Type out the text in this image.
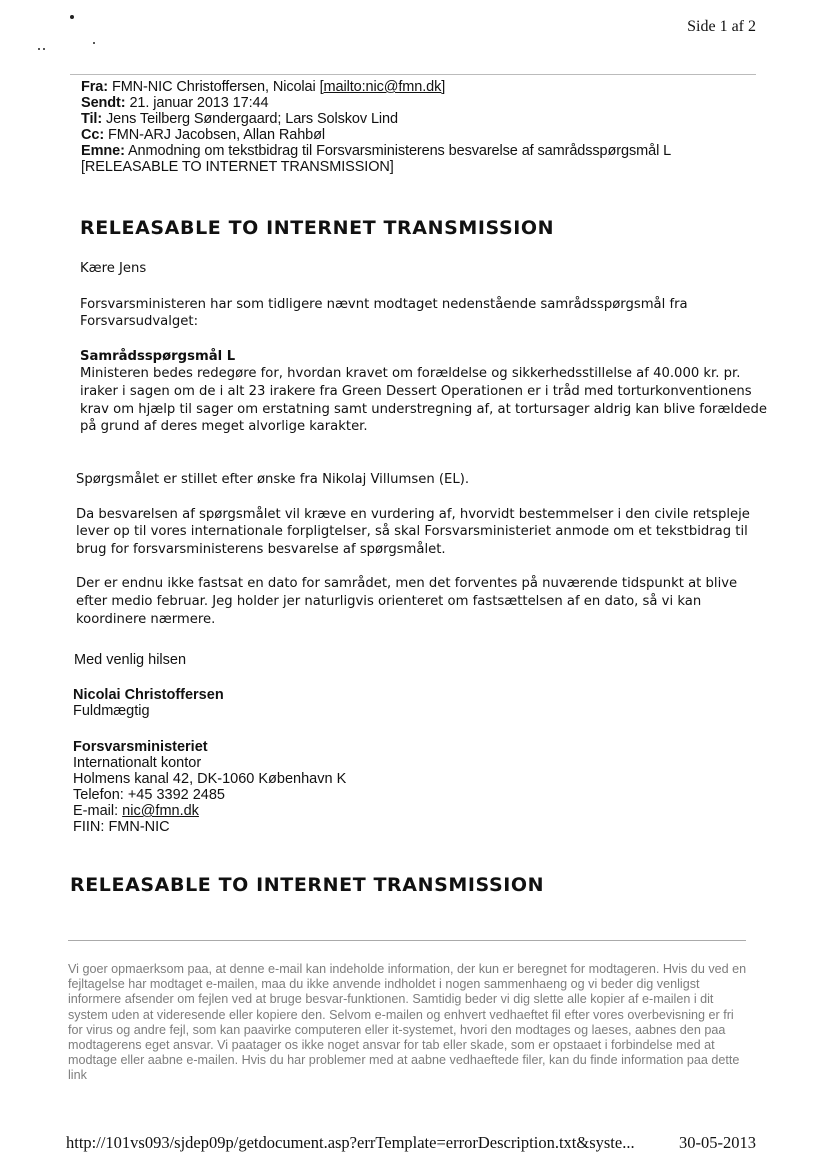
Side 1 af 2
Fra: FMN-NIC Christoffersen, Nicolai [mailto:nic@fmn.dk]
Sendt: 21. januar 2013 17:44
Til: Jens Teilberg Søndergaard; Lars Solskov Lind
Cc: FMN-ARJ Jacobsen, Allan Rahbøl
Emne: Anmodning om tekstbidrag til Forsvarsministerens besvarelse af samrådsspørgsmål L [RELEASABLE TO INTERNET TRANSMISSION]
RELEASABLE TO INTERNET TRANSMISSION

Kære Jens

Forsvarsministeren har som tidligere nævnt modtaget nedenstående samrådsspørgsmål fra Forsvarsudvalget:

Samrådsspørgsmål L

Ministeren bedes redegøre for, hvordan kravet om forældelse og sikkerhedsstillelse af 40.000 kr. pr. iraker i sagen om de i alt 23 irakere fra Green Dessert Operationen er i tråd med torturkonventionens krav om hjælp til sager om erstatning samt understregning af, at tortursager aldrig kan blive forældede på grund af deres meget alvorlige karakter.

Spørgsmålet er stillet efter ønske fra Nikolaj Villumsen (EL).

Da besvarelsen af spørgsmålet vil kræve en vurdering af, hvorvidt bestemmelser i den civile retspleje lever op til vores internationale forpligtelser, så skal Forsvarsministeriet anmode om et tekstbidrag til brug for forsvarsministerens besvarelse af spørgsmålet.

Der er endnu ikke fastsat en dato for samrådet, men det forventes på nuværende tidspunkt at blive efter medio februar. Jeg holder jer naturligvis orienteret om fastsættelsen af en dato, så vi kan koordinere nærmere.

Med venlig hilsen
Nicolai Christoffersen
Fuldmægtig
Forsvarsministeriet
Internationalt kontor
Holmens kanal 42, DK-1060 København K
Telefon: +45 3392 2485
E-mail: nic@fmn.dk
FIIN: FMN-NIC
RELEASABLE TO INTERNET TRANSMISSION
Vi goer opmaerksom paa, at denne e-mail kan indeholde information, der kun er beregnet for modtageren. Hvis du ved en fejltagelse har modtaget e-mailen, maa du ikke anvende indholdet i nogen sammenhaeng og vi beder dig venligst informere afsender om fejlen ved at bruge besvar-funktionen. Samtidig beder vi dig slette alle kopier af e-mailen i dit system uden at videresende eller kopiere den. Selvom e-mailen og enhvert vedhaeftet fil efter vores overbevisning er fri for virus og andre fejl, som kan paavirke computeren eller it-systemet, hvori den modtages og laeses, aabnes den paa modtagerens eget ansvar. Vi paatager os ikke noget ansvar for tab eller skade, som er opstaaet i forbindelse med at modtage eller aabne e-mailen. Hvis du har problemer med at aabne vedhaeftede filer, kan du finde information paa dette link
http://101vs093/sjdep09p/getdocument.asp?errTemplate=errorDescription.txt&syste...	30-05-2013
